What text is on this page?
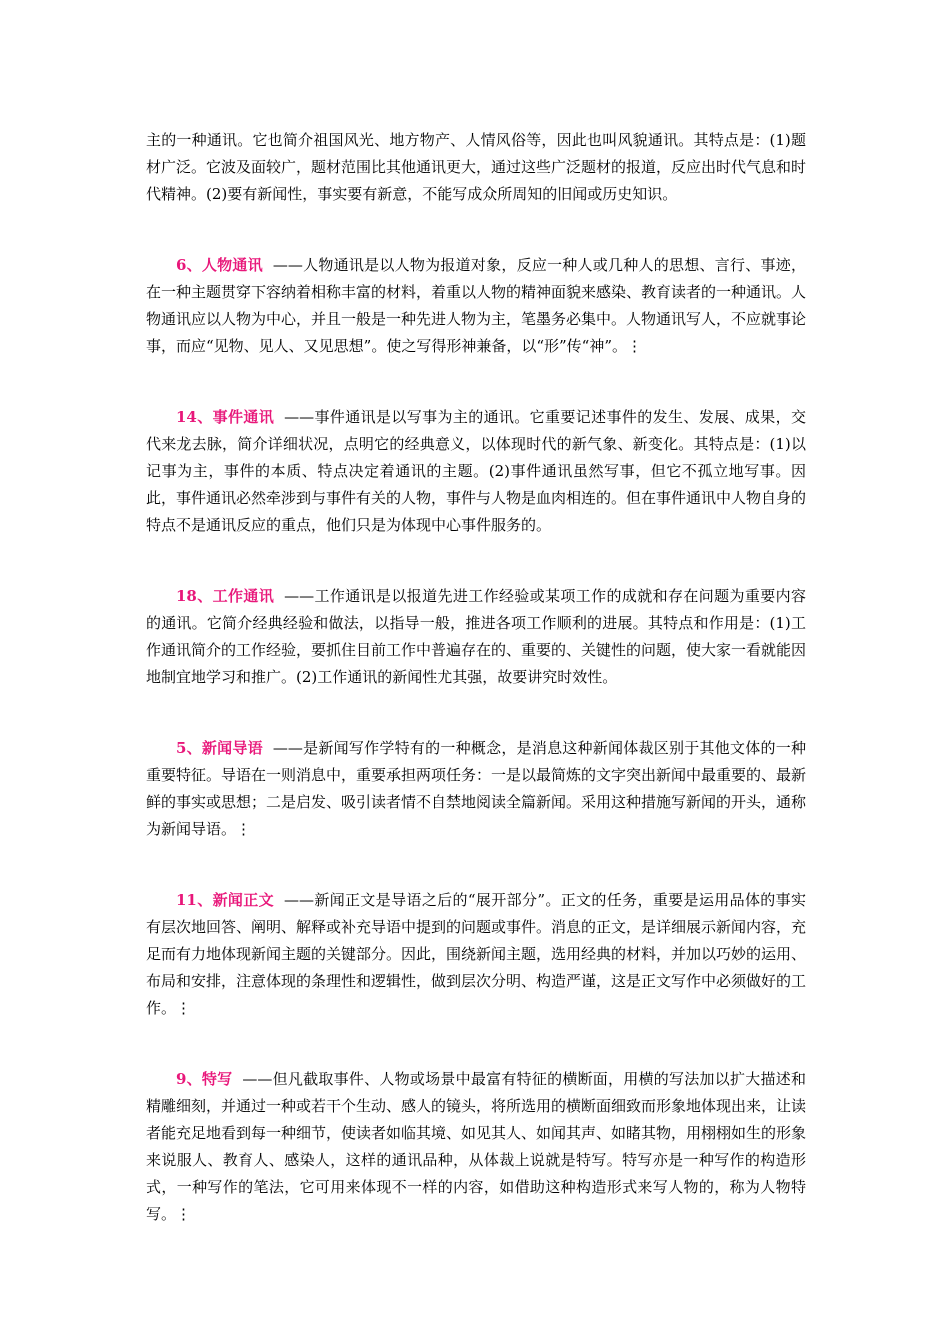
主的一种通讯。它也简介祖国风光、地方物产、人情风俗等，因此也叫风貌通讯。其特点是：(1)题材广泛。它波及面较广，题材范围比其他通讯更大，通过这些广泛题材的报道，反应出时代气息和时代精神。(2)要有新闻性，事实要有新意，不能写成众所周知的旧闻或历史知识。

6、人物通讯 ——人物通讯是以人物为报道对象，反应一种人或几种人的思想、言行、事迹，在一种主题贯穿下容纳着相称丰富的材料，着重以人物的精神面貌来感染、教育读者的一种通讯。人物通讯应以人物为中心，并且一般是一种先进人物为主，笔墨务必集中。人物通讯写人，不应就事论事，而应“见物、见人、又见思想”。使之写得形神兼备，以“形”传“神”。⋮

14、事件通讯 ——事件通讯是以写事为主的通讯。它重要记述事件的发生、发展、成果，交代来龙去脉，简介详细状况，点明它的经典意义，以体现时代的新气象、新变化。其特点是：(1)以记事为主，事件的本质、特点决定着通讯的主题。(2)事件通讯虽然写事，但它不孤立地写事。因此，事件通讯必然牵涉到与事件有关的人物，事件与人物是血肉相连的。但在事件通讯中人物自身的特点不是通讯反应的重点，他们只是为体现中心事件服务的。

18、工作通讯 ——工作通讯是以报道先进工作经验或某项工作的成就和存在问题为重要内容的通讯。它简介经典经验和做法，以指导一般，推进各项工作顺利的进展。其特点和作用是：(1)工作通讯简介的工作经验，要抓住目前工作中普遍存在的、重要的、关键性的问题，使大家一看就能因地制宜地学习和推广。(2)工作通讯的新闻性尤其强，故要讲究时效性。

5、新闻导语 ——是新闻写作学特有的一种概念，是消息这种新闻体裁区别于其他文体的一种重要特征。导语在一则消息中，重要承担两项任务：一是以最简炼的文字突出新闻中最重要的、最新鲜的事实或思想；二是启发、吸引读者情不自禁地阅读全篇新闻。采用这种措施写新闻的开头，通称为新闻导语。⋮

11、新闻正文 ——新闻正文是导语之后的“展开部分”。正文的任务，重要是运用品体的事实有层次地回答、阐明、解释或补充导语中提到的问题或事件。消息的正文，是详细展示新闻内容，充足而有力地体现新闻主题的关键部分。因此，围绕新闻主题，选用经典的材料，并加以巧妙的运用、布局和安排，注意体现的条理性和逻辑性，做到层次分明、构造严谨，这是正文写作中必须做好的工作。⋮

9、特写 ——但凡截取事件、人物或场景中最富有特征的横断面，用横的写法加以扩大描述和精雕细刻，并通过一种或若干个生动、感人的镜头，将所选用的横断面细致而形象地体现出来，让读者能充足地看到每一种细节，使读者如临其境、如见其人、如闻其声、如睹其物，用栩栩如生的形象来说服人、教育人、感染人，这样的通讯品种，从体裁上说就是特写。特写亦是一种写作的构造形式，一种写作的笔法，它可用来体现不一样的内容，如借助这种构造形式来写人物的，称为人物特写。⋮
